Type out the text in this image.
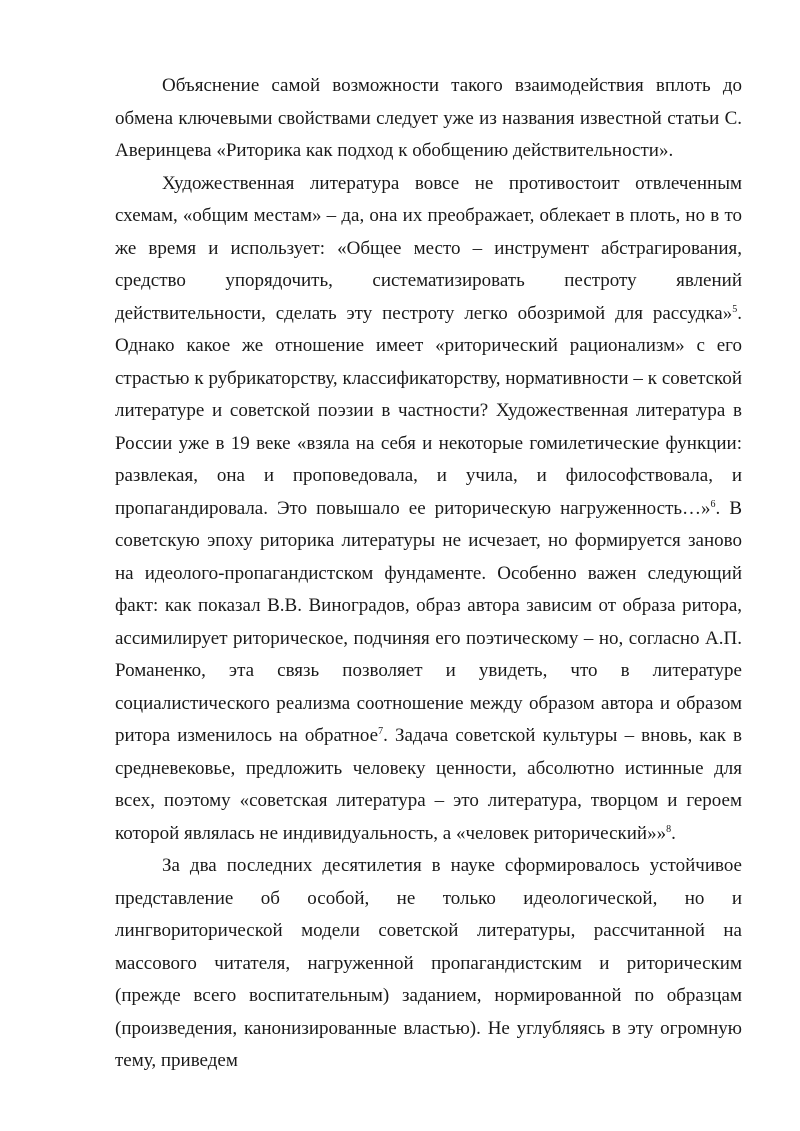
Объяснение самой возможности такого взаимодействия вплоть до обмена ключевыми свойствами следует уже из названия известной статьи С. Аверинцева «Риторика как подход к обобщению действительности».

Художественная литература вовсе не противостоит отвлеченным схемам, «общим местам» – да, она их преображает, облекает в плоть, но в то же время и использует: «Общее место – инструмент абстрагирования, средство упорядочить, систематизировать пестроту явлений действительности, сделать эту пестроту легко обозримой для рассудка»$^5$. Однако какое же отношение имеет «риторический рационализм» с его страстью к рубрикаторству, классификаторству, нормативности – к советской литературе и советской поэзии в частности? Художественная литература в России уже в 19 веке «взяла на себя и некоторые гомилетические функции: развлекая, она и проповедовала, и учила, и философствовала, и пропагандировала. Это повышало ее риторическую нагруженность…»$^6$. В советскую эпоху риторика литературы не исчезает, но формируется заново на идеолого-пропагандистском фундаменте. Особенно важен следующий факт: как показал В.В. Виноградов, образ автора зависим от образа ритора, ассимилирует риторическое, подчиняя его поэтическому – но, согласно А.П. Романенко, эта связь позволяет и увидеть, что в литературе социалистического реализма соотношение между образом автора и образом ритора изменилось на обратное$^7$. Задача советской культуры – вновь, как в средневековье, предложить человеку ценности, абсолютно истинные для всех, поэтому «советская литература – это литература, творцом и героем которой являлась не индивидуальность, а «человек риторический»»$^8$.

За два последних десятилетия в науке сформировалось устойчивое представление об особой, не только идеологической, но и лингвориторической модели советской литературы, рассчитанной на массового читателя, нагруженной пропагандистским и риторическим (прежде всего воспитательным) заданием, нормированной по образцам (произведения, канонизированные властью). Не углубляясь в эту огромную тему, приведем
